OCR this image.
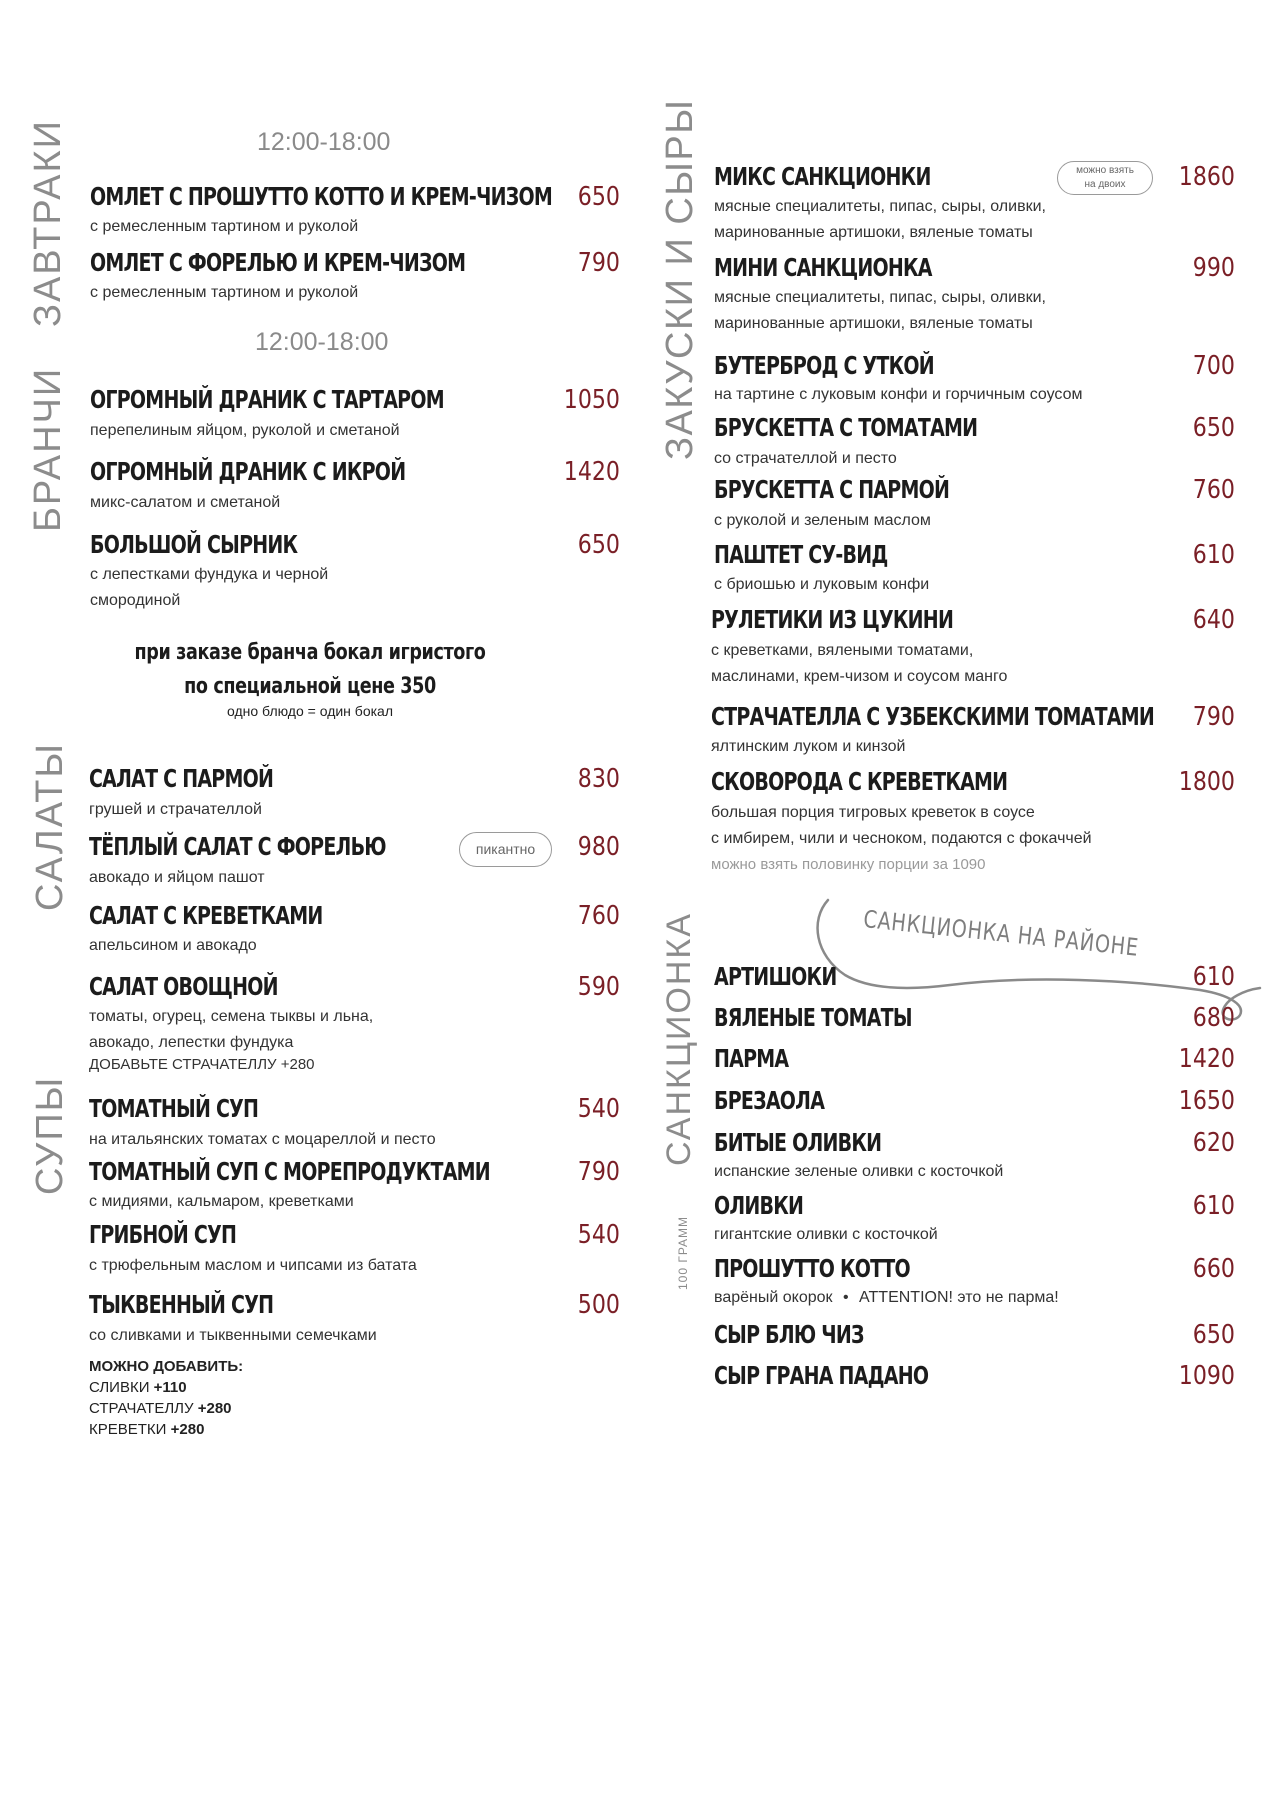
12:00-18:00
ЗАВТРАКИ ОМЛЕТ С ПРОШУТТО КОТТО И КРЕМ-ЧИЗОМ 650
с ремесленным тартином и руколой
ОМЛЕТ С ФОРЕЛЬЮ И КРЕМ-ЧИЗОМ	790
с ремесленным тартином и руколой
12:00-18:00
БРАНЧИ ОГРОМНЫЙ ДРАНИК С ТАРТАРОМ	1050
перепелиным яйцом, руколой и сметаной
ОГРОМНЫЙ ДРАНИК С ИКРОЙ	1420
микс-салатом и сметаной
БОЛЬШОЙ СЫРНИК	650
с лепестками фундука и черной
смородиной
при заказе бранча бокал игристого
по специальной цене 350
одно блюдо = один бокал
САЛАТЫ САЛАТ С ПАРМОЙ	830
грушей и страчателлой
ТЁПЛЫЙ САЛАТ С ФОРЕЛЬЮ	пикантно	980
авокадо и яйцом пашот
САЛАТ С КРЕВЕТКАМИ	760
апельсином и авокадо
САЛАТ ОВОЩНОЙ	590
томаты, огурец, семена тыквы и льна,
авокадо, лепестки фундука
ДОБАВЬТЕ СТРАЧАТЕЛЛУ +280
СУПЫ ТОМАТНЫЙ СУП	540
на итальянских томатах с моцареллой и песто
ТОМАТНЫЙ СУП С МОРЕПРОДУКТАМИ	790
с мидиями, кальмаром, креветками
ГРИБНОЙ СУП	540
с трюфельным маслом и чипсами из батата
ТЫКВЕННЫЙ СУП	500
со сливками и тыквенными семечками
МОЖНО ДОБАВИТЬ:
СЛИВКИ +110
СТРАЧАТЕЛЛУ +280
КРЕВЕТКИ +280
ЗАКУСКИ И СЫРЫ МИКС САНКЦИОНКИ	можно взять
на двоих	1860
мясные специалитеты, пипас, сыры, оливки,
маринованные артишоки, вяленые томаты
МИНИ САНКЦИОНКА	990
мясные специалитеты, пипас, сыры, оливки,
маринованные артишоки, вяленые томаты
БУТЕРБРОД С УТКОЙ	700
на тартине с луковым конфи и горчичным соусом
БРУСКЕТТА С ТОМАТАМИ	650
со страчателлой и песто
БРУСКЕТТА С ПАРМОЙ	760
с руколой и зеленым маслом
ПАШТЕТ СУ-ВИД	610
с бриошью и луковым конфи
РУЛЕТИКИ ИЗ ЦУКИНИ	640
с креветками, вялеными томатами,
маслинами, крем-чизом и соусом манго
СТРАЧАТЕЛЛА С УЗБЕКСКИМИ ТОМАТАМИ	790
ялтинским луком и кинзой
СКОВОРОДА С КРЕВЕТКАМИ	1800
большая порция тигровых креветок в соусе
с имбирем, чили и чесноком, подаются с фокаччей
можно взять половинку порции за 1090
САНКЦИОНКА НА РАЙОНЕ
САНКЦИОНКА
100 ГРАММ
АРТИШОКИ	610
ВЯЛЕНЫЕ ТОМАТЫ	680
ПАРМА	1420
БРЕЗАОЛА	1650
БИТЫЕ ОЛИВКИ	620
испанские зеленые оливки с косточкой
ОЛИВКИ	610
гигантские оливки с косточкой
ПРОШУТТО КОТТО	660
варёный окорок • ATTENTION! это не парма!
СЫР БЛЮ ЧИЗ	650
СЫР ГРАНА ПАДАНО	1090
